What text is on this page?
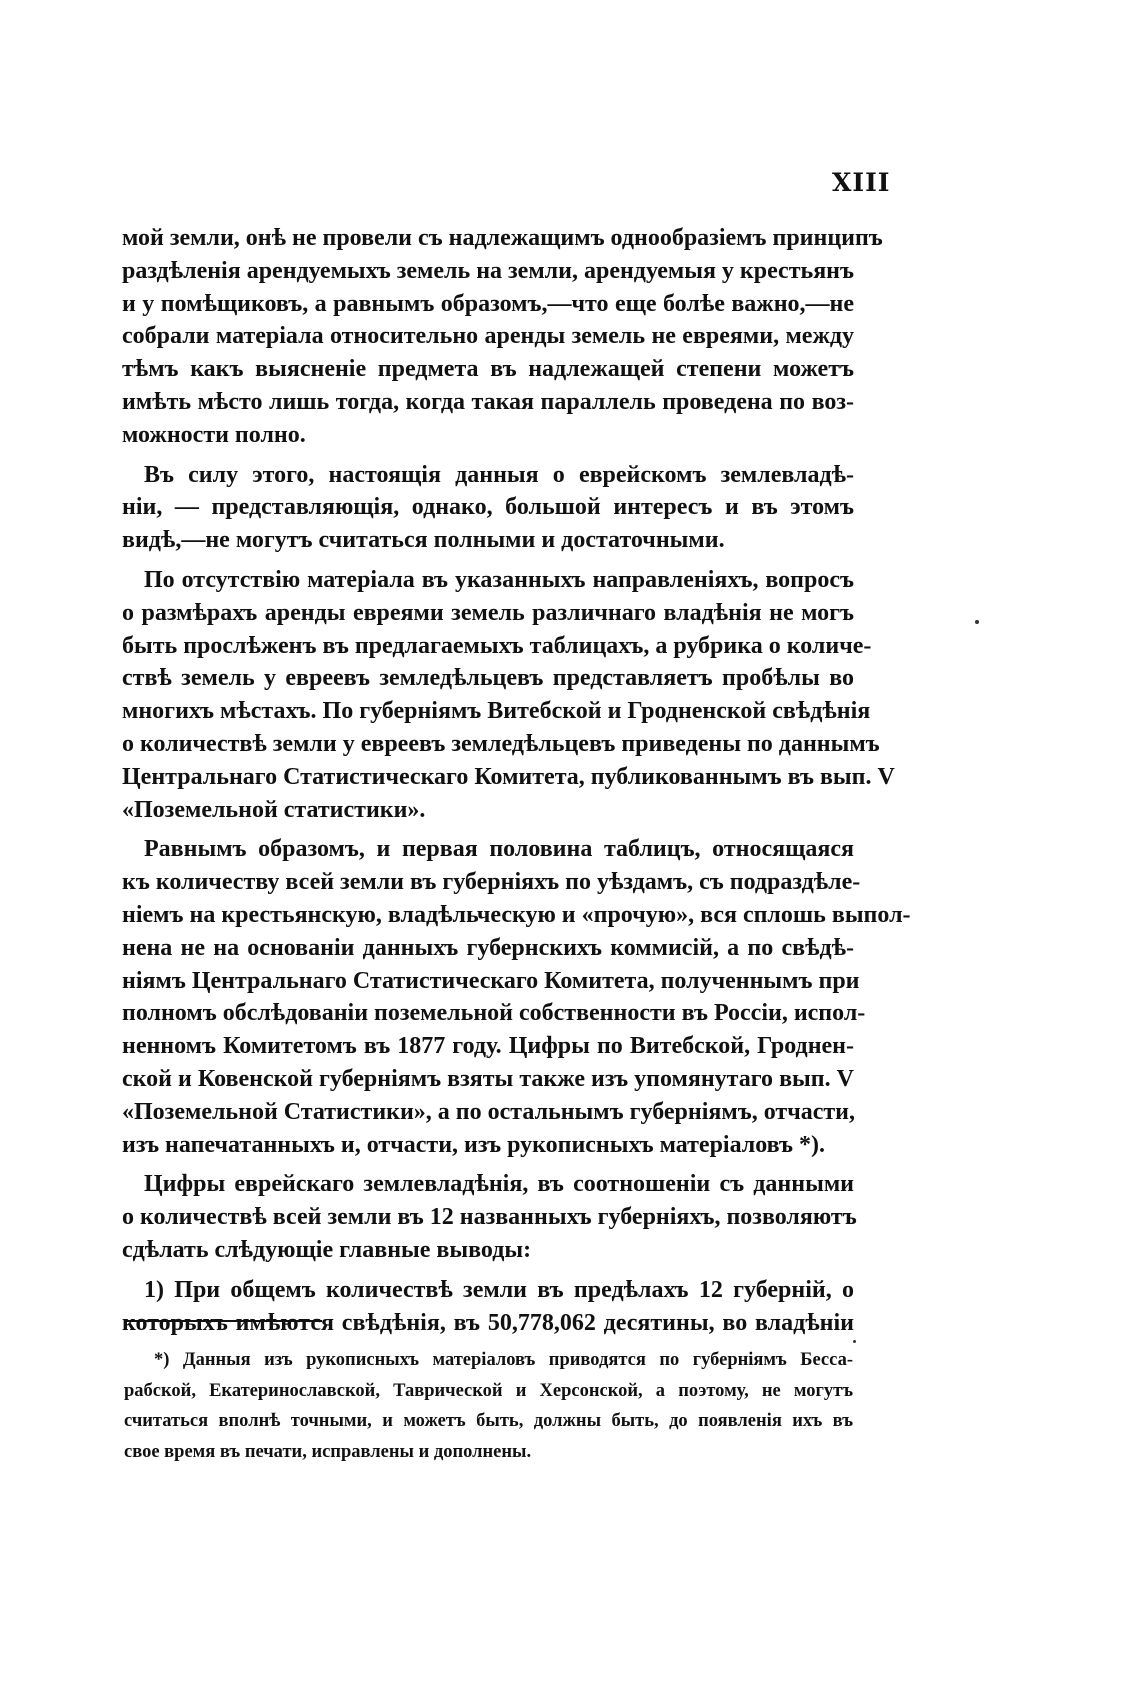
XIII
мой земли, онѣ не провели съ надлежащимъ однообразіемъ принципъ
раздѣленія арендуемыхъ земель на земли, арендуемыя у крестьянъ
и у помѣщиковъ, а равнымъ образомъ,—что еще болѣе важно,—не
собрали матеріала относительно аренды земель не евреями, между
тѣмъ какъ выясненіе предмета въ надлежащей степени можетъ
имѣть мѣсто лишь тогда, когда такая параллель проведена по воз-
можности полно.
Въ силу этого, настоящія данныя о еврейскомъ землевладѣ-
ніи, — представляющія, однако, большой интересъ и въ этомъ
видѣ,—не могутъ считаться полными и достаточными.
По отсутствію матеріала въ указанныхъ направленіяхъ, вопросъ
о размѣрахъ аренды евреями земель различнаго владѣнія не могъ
быть прослѣженъ въ предлагаемыхъ таблицахъ, а рубрика о количе-
ствѣ земель у евреевъ земледѣльцевъ представляетъ пробѣлы во
многихъ мѣстахъ. По губерніямъ Витебской и Гродненской свѣдѣнія
о количествѣ земли у евреевъ земледѣльцевъ приведены по даннымъ
Центральнаго Статистическаго Комитета, публикованнымъ въ вып. V
«Поземельной статистики».
Равнымъ образомъ, и первая половина таблицъ, относящаяся
къ количеству всей земли въ губерніяхъ по уѣздамъ, съ подраздѣле-
ніемъ на крестьянскую, владѣльческую и «прочую», вся сплошь выпол-
нена не на основаніи данныхъ губернскихъ коммисій, а по свѣдѣ-
ніямъ Центральнаго Статистическаго Комитета, полученнымъ при
полномъ обслѣдованіи поземельной собственности въ Россіи, испол-
ненномъ Комитетомъ въ 1877 году. Цифры по Витебской, Гроднен-
ской и Ковенской губерніямъ взяты также изъ упомянутаго вып. V
«Поземельной Статистики», а по остальнымъ губерніямъ, отчасти,
изъ напечатанныхъ и, отчасти, изъ рукописныхъ матеріаловъ *).
Цифры еврейскаго землевладѣнія, въ соотношеніи съ данными
о количествѣ всей земли въ 12 названныхъ губерніяхъ, позволяютъ
сдѣлать слѣдующіе главные выводы:
1) При общемъ количествѣ земли въ предѣлахъ 12 губерній, о
которыхъ имѣются свѣдѣнія, въ 50,778,062 десятины, во владѣніи
*) Данныя изъ рукописныхъ матеріаловъ приводятся по губерніямъ Бесса-
рабской, Екатеринославской, Таврической и Херсонской, а поэтому, не могутъ
считаться вполнѣ точными, и можетъ быть, должны быть, до появленія ихъ въ
свое время въ печати, исправлены и дополнены.
